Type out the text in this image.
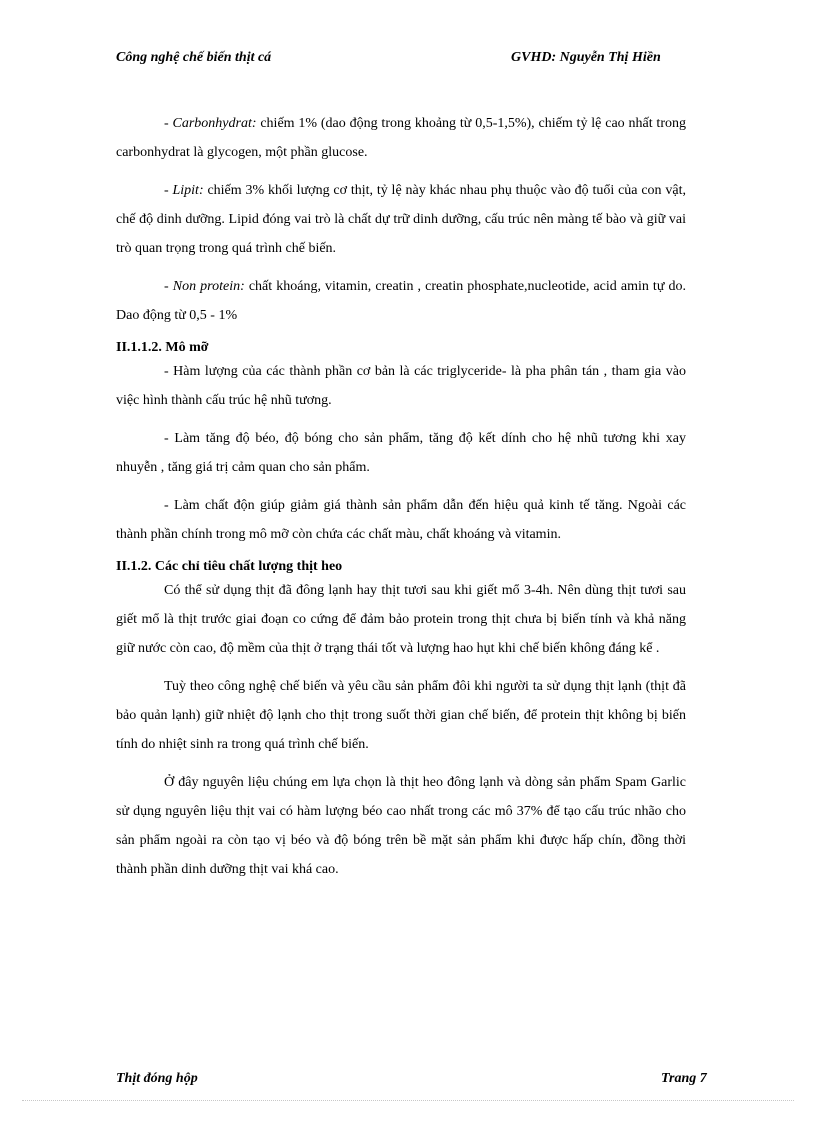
Công nghệ chế biến thịt cá	GVHD: Nguyễn Thị Hiền

- Carbonhydrat: chiếm 1% (dao động trong khoảng từ 0,5-1,5%), chiếm tỷ lệ cao nhất trong carbonhydrat là glycogen, một phần glucose.

- Lipit: chiếm 3% khối lượng cơ thịt, tỷ lệ này khác nhau phụ thuộc vào độ tuổi của con vật, chế độ dinh dưỡng. Lipid đóng vai trò là chất dự trữ dinh dưỡng, cấu trúc nên màng tế bào và giữ vai trò quan trọng trong quá trình chế biến.

- Non protein: chất khoáng, vitamin, creatin , creatin phosphate,nucleotide, acid amin tự do. Dao động từ 0,5 - 1%

II.1.1.2. Mô mỡ

- Hàm lượng của các thành phần cơ bản là các triglyceride- là pha phân tán , tham gia vào việc hình thành cấu trúc hệ nhũ tương.

- Làm tăng độ béo, độ bóng cho sản phẩm, tăng độ kết dính cho hệ nhũ tương khi xay nhuyễn , tăng giá trị cảm quan cho sản phẩm.

- Làm chất độn giúp giảm giá thành sản phẩm dẫn đến hiệu quả kinh tế tăng. Ngoài các thành phần chính trong mô mỡ còn chứa các chất màu, chất khoáng và vitamin.

II.1.2. Các chỉ tiêu chất lượng thịt heo

Có thể sử dụng thịt đã đông lạnh hay thịt tươi sau khi giết mổ 3-4h. Nên dùng thịt tươi sau giết mổ là thịt trước giai đoạn co cứng để đảm bảo protein trong thịt chưa bị biến tính và khả năng giữ nước còn cao, độ mềm của thịt ở trạng thái tốt và lượng hao hụt khi chế biến không đáng kể .

Tuỳ theo công nghệ chế biến và yêu cầu sản phẩm đôi khi người ta sử dụng thịt lạnh (thịt đã bảo quản lạnh) giữ nhiệt độ lạnh cho thịt trong suốt thời gian chế biến, để protein thịt không bị biến tính do nhiệt sinh ra trong quá trình chế biến.

Ở đây nguyên liệu chúng em lựa chọn là thịt heo đông lạnh và dòng sản phẩm Spam Garlic sử dụng nguyên liệu thịt vai có hàm lượng béo cao nhất trong các mô 37% để tạo cấu trúc nhão cho sản phẩm ngoài ra còn tạo vị béo và độ bóng trên bề mặt sản phẩm khi được hấp chín, đồng thời thành phần dinh dưỡng thịt vai khá cao.

Thịt đóng hộp	Trang 7
